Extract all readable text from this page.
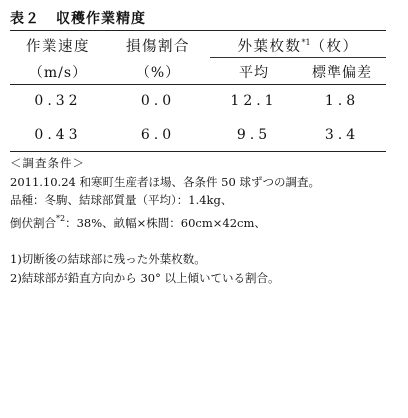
表２ 収穫作業精度
作業速度	損傷割合	外葉枚数$^{*1}$（枚）
（m/s）	（%）	平均	標準偏差
0.32	0.0	12.1	1.8
0.43	6.0	9.5	3.4
＜調査条件＞
2011.10.24 和寒町生産者ほ場、各条件 50 球ずつの調査。
品種：冬駒、結球部質量（平均）：1.4kg、
倒伏割合$^{*2}$：38%、畝幅×株間：60cm×42cm、
1)切断後の結球部に残った外葉枚数。
2)結球部が鉛直方向から 30° 以上傾いている割合。
